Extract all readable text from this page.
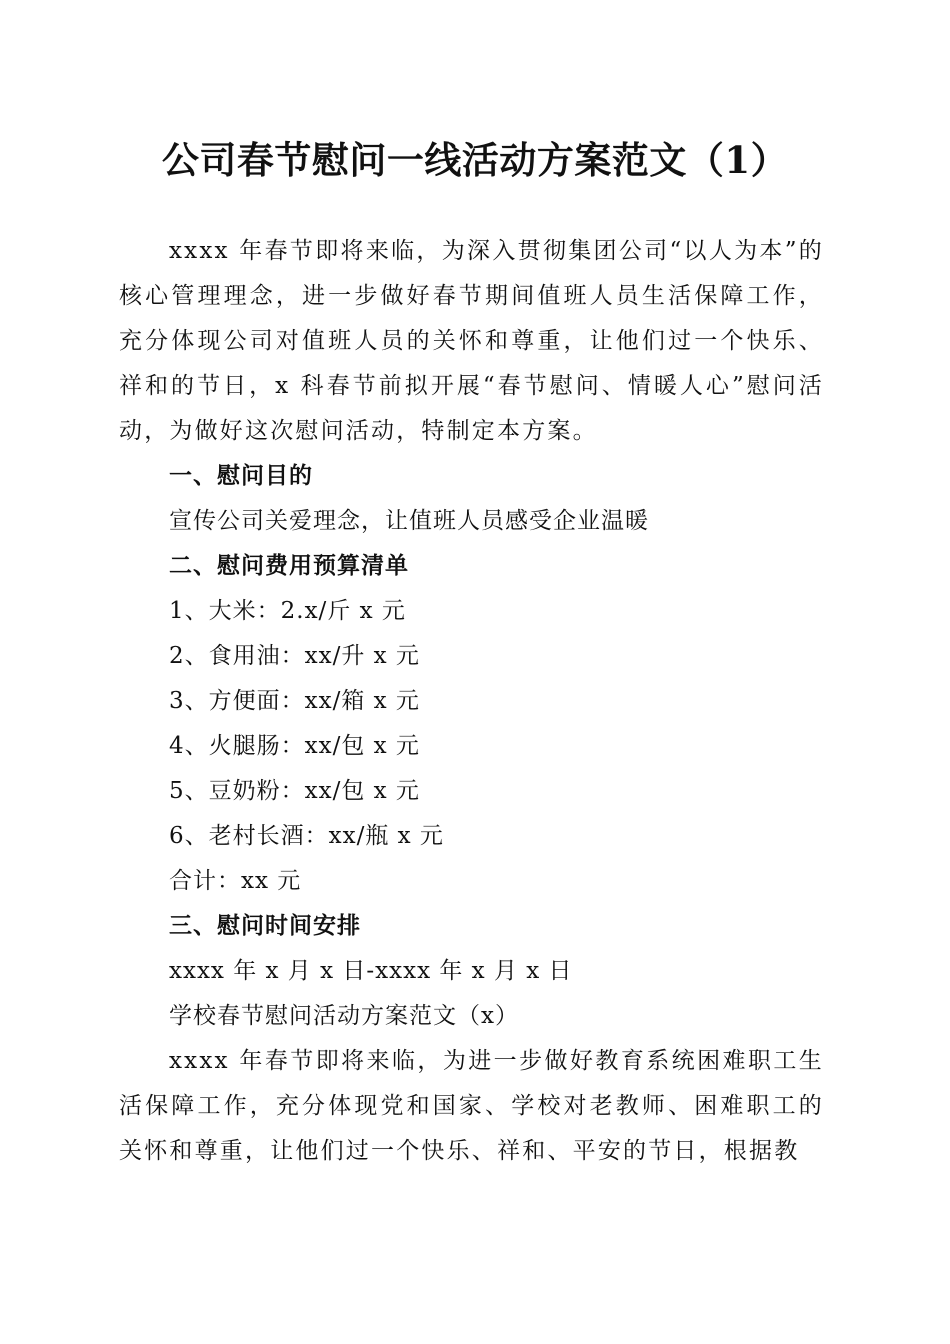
公司春节慰问一线活动方案范文（1）

xxxx 年春节即将来临，为深入贯彻集团公司“以人为本”的核心管理理念，进一步做好春节期间值班人员生活保障工作，充分体现公司对值班人员的关怀和尊重，让他们过一个快乐、祥和的节日，x 科春节前拟开展“春节慰问、情暖人心”慰问活动，为做好这次慰问活动，特制定本方案。

一、慰问目的

宣传公司关爱理念，让值班人员感受企业温暖

二、慰问费用预算清单

1、大米：2.x/斤 x 元

2、食用油：xx/升 x 元

3、方便面：xx/箱 x 元

4、火腿肠：xx/包 x 元

5、豆奶粉：xx/包 x 元

6、老村长酒：xx/瓶 x 元

合计：xx 元

三、慰问时间安排

xxxx 年 x 月 x 日-xxxx 年 x 月 x 日

学校春节慰问活动方案范文（x）

xxxx 年春节即将来临，为进一步做好教育系统困难职工生活保障工作，充分体现党和国家、学校对老教师、困难职工的关怀和尊重，让他们过一个快乐、祥和、平安的节日，根据教
